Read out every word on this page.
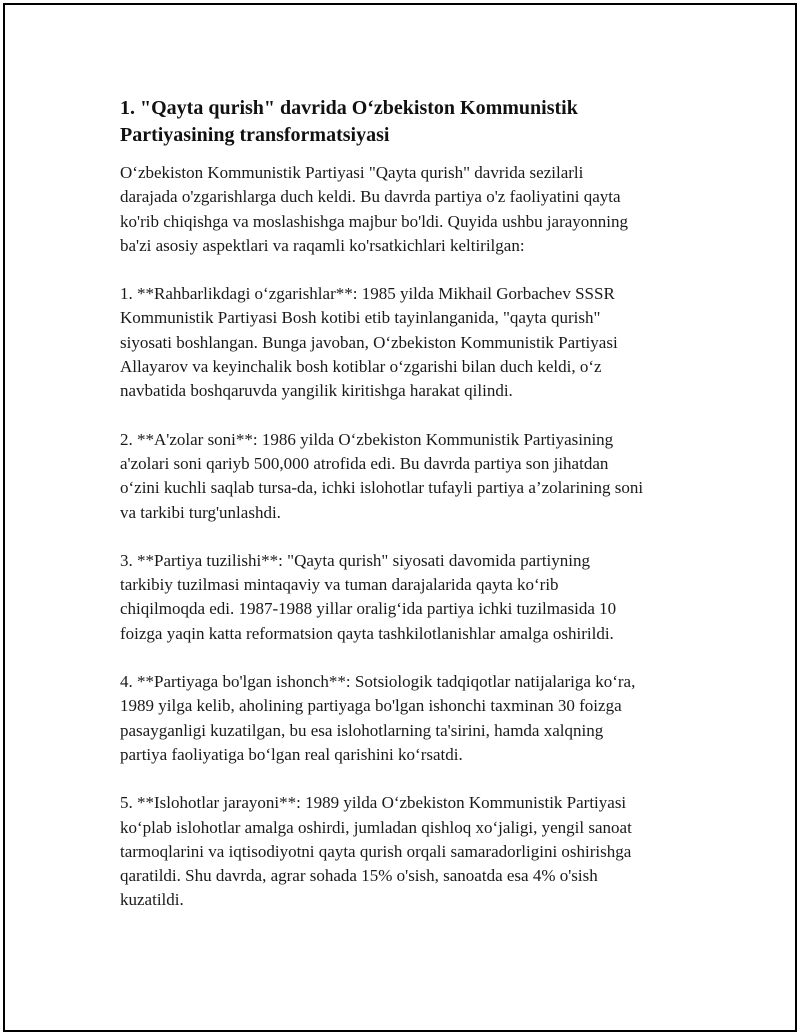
1. "Qayta qurish" davrida O‘zbekiston Kommunistik
Partiyasining transformatsiyasi

O‘zbekiston Kommunistik Partiyasi "Qayta qurish" davrida sezilarli
darajada o'zgarishlarga duch keldi. Bu davrda partiya o'z faoliyatini qayta
ko'rib chiqishga va moslashishga majbur bo'ldi. Quyida ushbu jarayonning
ba'zi asosiy aspektlari va raqamli ko'rsatkichlari keltirilgan:

1. **Rahbarlikdagi o‘zgarishlar**: 1985 yilda Mikhail Gorbachev SSSR
Kommunistik Partiyasi Bosh kotibi etib tayinlanganida, "qayta qurish"
siyosati boshlangan. Bunga javoban, O‘zbekiston Kommunistik Partiyasi
Allayarov va keyinchalik bosh kotiblar o‘zgarishi bilan duch keldi, o‘z
navbatida boshqaruvda yangilik kiritishga harakat qilindi.

2. **A'zolar soni**: 1986 yilda O‘zbekiston Kommunistik Partiyasining
a'zolari soni qariyb 500,000 atrofida edi. Bu davrda partiya son jihatdan
o‘zini kuchli saqlab tursa-da, ichki islohotlar tufayli partiya a’zolarining soni
va tarkibi turg'unlashdi.

3. **Partiya tuzilishi**: "Qayta qurish" siyosati davomida partiyning
tarkibiy tuzilmasi mintaqaviy va tuman darajalarida qayta ko‘rib
chiqilmoqda edi. 1987-1988 yillar oralig‘ida partiya ichki tuzilmasida 10
foizga yaqin katta reformatsion qayta tashkilotlanishlar amalga oshirildi.

4. **Partiyaga bo'lgan ishonch**: Sotsiologik tadqiqotlar natijalariga ko‘ra,
1989 yilga kelib, aholining partiyaga bo'lgan ishonchi taxminan 30 foizga
pasayganligi kuzatilgan, bu esa islohotlarning ta'sirini, hamda xalqning
partiya faoliyatiga bo‘lgan real qarishini ko‘rsatdi.

5. **Islohotlar jarayoni**: 1989 yilda O‘zbekiston Kommunistik Partiyasi
ko‘plab islohotlar amalga oshirdi, jumladan qishloq xo‘jaligi, yengil sanoat
tarmoqlarini va iqtisodiyotni qayta qurish orqali samaradorligini oshirishga
qaratildi. Shu davrda, agrar sohada 15% o'sish, sanoatda esa 4% o'sish
kuzatildi.
